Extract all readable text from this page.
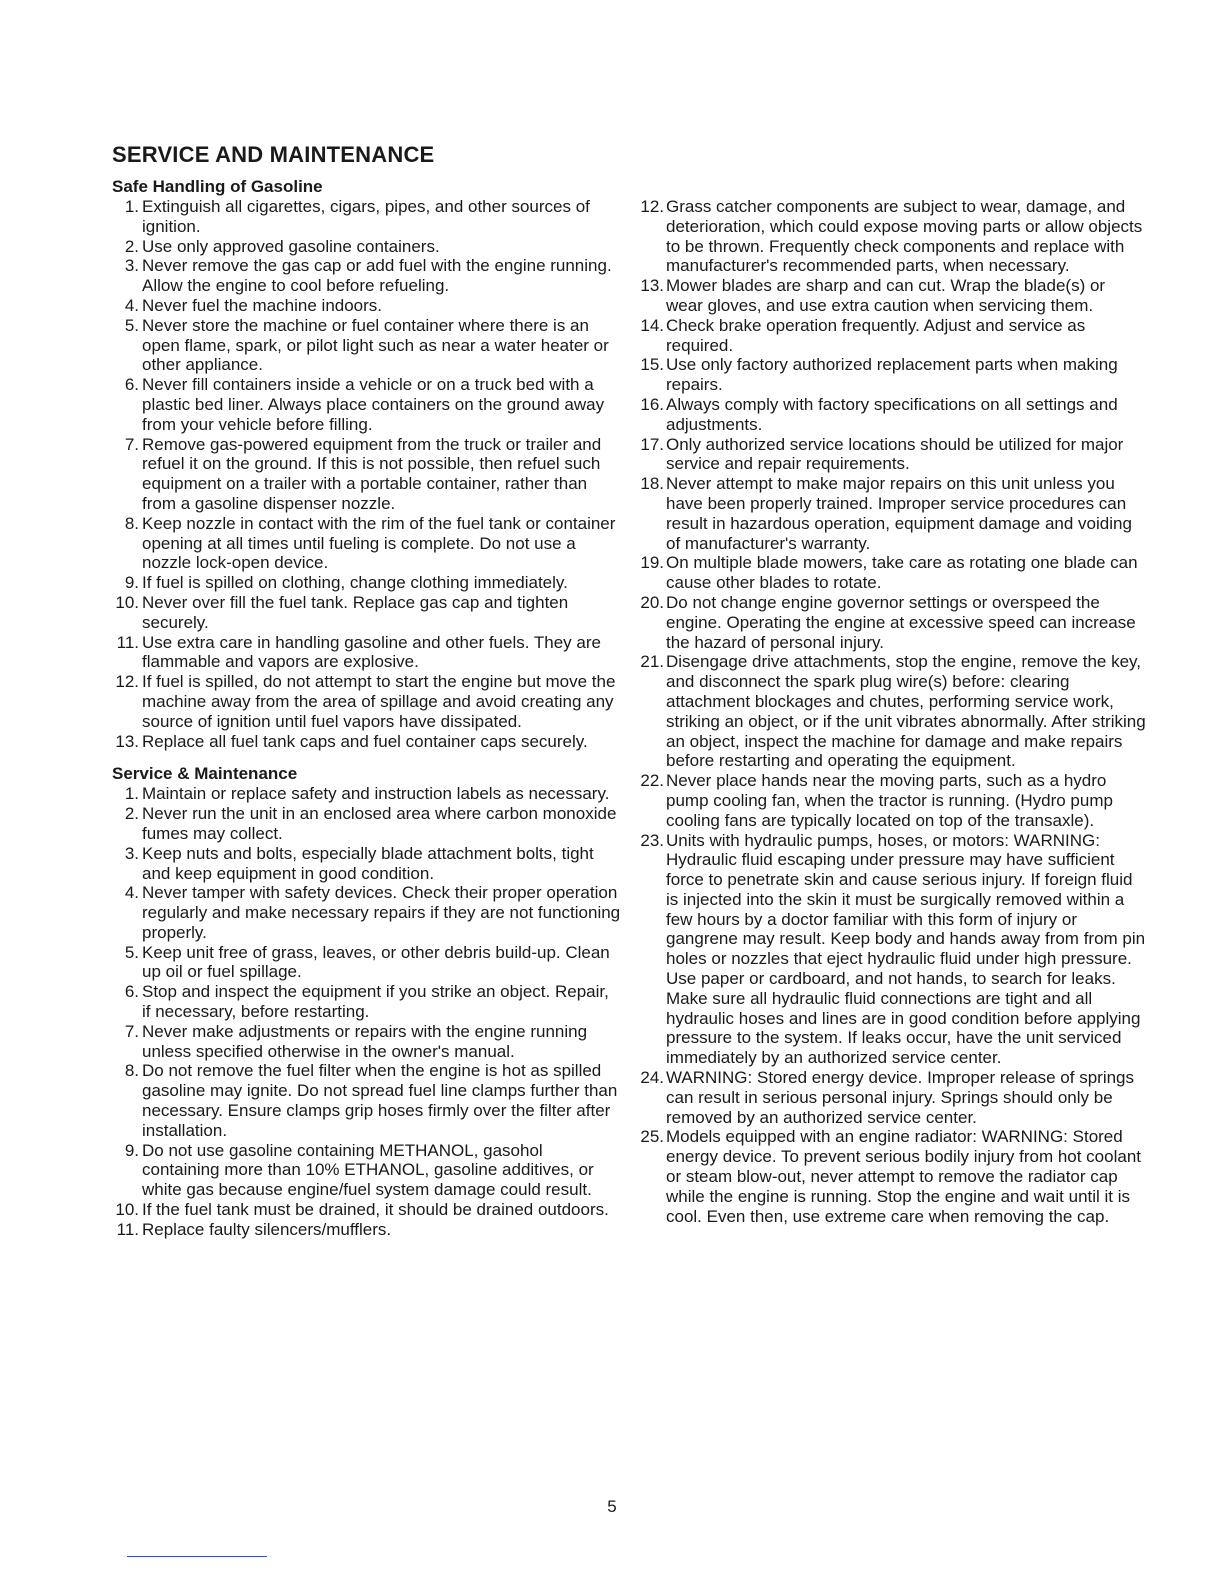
SERVICE AND MAINTENANCE
Safe Handling of Gasoline
1. Extinguish all cigarettes, cigars, pipes, and other sources of ignition.
2. Use only approved gasoline containers.
3. Never remove the gas cap or add fuel with the engine running. Allow the engine to cool before refueling.
4. Never fuel the machine indoors.
5. Never store the machine or fuel container where there is an open flame, spark, or pilot light such as near a water heater or other appliance.
6. Never fill containers inside a vehicle or on a truck bed with a plastic bed liner. Always place containers on the ground away from your vehicle before filling.
7. Remove gas-powered equipment from the truck or trailer and refuel it on the ground. If this is not possible, then refuel such equipment on a trailer with a portable container, rather than from a gasoline dispenser nozzle.
8. Keep nozzle in contact with the rim of the fuel tank or container opening at all times until fueling is complete. Do not use a nozzle lock-open device.
9. If fuel is spilled on clothing, change clothing immediately.
10. Never over fill the fuel tank. Replace gas cap and tighten securely.
11. Use extra care in handling gasoline and other fuels. They are flammable and vapors are explosive.
12. If fuel is spilled, do not attempt to start the engine but move the machine away from the area of spillage and avoid creating any source of ignition until fuel vapors have dissipated.
13. Replace all fuel tank caps and fuel container caps securely.
Service & Maintenance
1. Maintain or replace safety and instruction labels as necessary.
2. Never run the unit in an enclosed area where carbon monoxide fumes may collect.
3. Keep nuts and bolts, especially blade attachment bolts, tight and keep equipment in good condition.
4. Never tamper with safety devices. Check their proper operation regularly and make necessary repairs if they are not functioning properly.
5. Keep unit free of grass, leaves, or other debris build-up. Clean up oil or fuel spillage.
6. Stop and inspect the equipment if you strike an object. Repair, if necessary, before restarting.
7. Never make adjustments or repairs with the engine running unless specified otherwise in the owner's manual.
8. Do not remove the fuel filter when the engine is hot as spilled gasoline may ignite. Do not spread fuel line clamps further than necessary. Ensure clamps grip hoses firmly over the filter after installation.
9. Do not use gasoline containing METHANOL, gasohol containing more than 10% ETHANOL, gasoline additives, or white gas because engine/fuel system damage could result.
10. If the fuel tank must be drained, it should be drained outdoors.
11. Replace faulty silencers/mufflers.
12. Grass catcher components are subject to wear, damage, and deterioration, which could expose moving parts or allow objects to be thrown. Frequently check components and replace with manufacturer's recommended parts, when necessary.
13. Mower blades are sharp and can cut. Wrap the blade(s) or wear gloves, and use extra caution when servicing them.
14. Check brake operation frequently. Adjust and service as required.
15. Use only factory authorized replacement parts when making repairs.
16. Always comply with factory specifications on all settings and adjustments.
17. Only authorized service locations should be utilized for major service and repair requirements.
18. Never attempt to make major repairs on this unit unless you have been properly trained. Improper service procedures can result in hazardous operation, equipment damage and voiding of manufacturer's warranty.
19. On multiple blade mowers, take care as rotating one blade can cause other blades to rotate.
20. Do not change engine governor settings or overspeed the engine. Operating the engine at excessive speed can increase the hazard of personal injury.
21. Disengage drive attachments, stop the engine, remove the key, and disconnect the spark plug wire(s) before: clearing attachment blockages and chutes, performing service work, striking an object, or if the unit vibrates abnormally. After striking an object, inspect the machine for damage and make repairs before restarting and operating the equipment.
22. Never place hands near the moving parts, such as a hydro pump cooling fan, when the tractor is running. (Hydro pump cooling fans are typically located on top of the transaxle).
23. Units with hydraulic pumps, hoses, or motors: WARNING: Hydraulic fluid escaping under pressure may have sufficient force to penetrate skin and cause serious injury. If foreign fluid is injected into the skin it must be surgically removed within a few hours by a doctor familiar with this form of injury or gangrene may result. Keep body and hands away from from pin holes or nozzles that eject hydraulic fluid under high pressure. Use paper or cardboard, and not hands, to search for leaks. Make sure all hydraulic fluid connections are tight and all hydraulic hoses and lines are in good condition before applying pressure to the system. If leaks occur, have the unit serviced immediately by an authorized service center.
24. WARNING: Stored energy device. Improper release of springs can result in serious personal injury. Springs should only be removed by an authorized service center.
25. Models equipped with an engine radiator: WARNING: Stored energy device. To prevent serious bodily injury from hot coolant or steam blow-out, never attempt to remove the radiator cap while the engine is running. Stop the engine and wait until it is cool. Even then, use extreme care when removing the cap.
5
